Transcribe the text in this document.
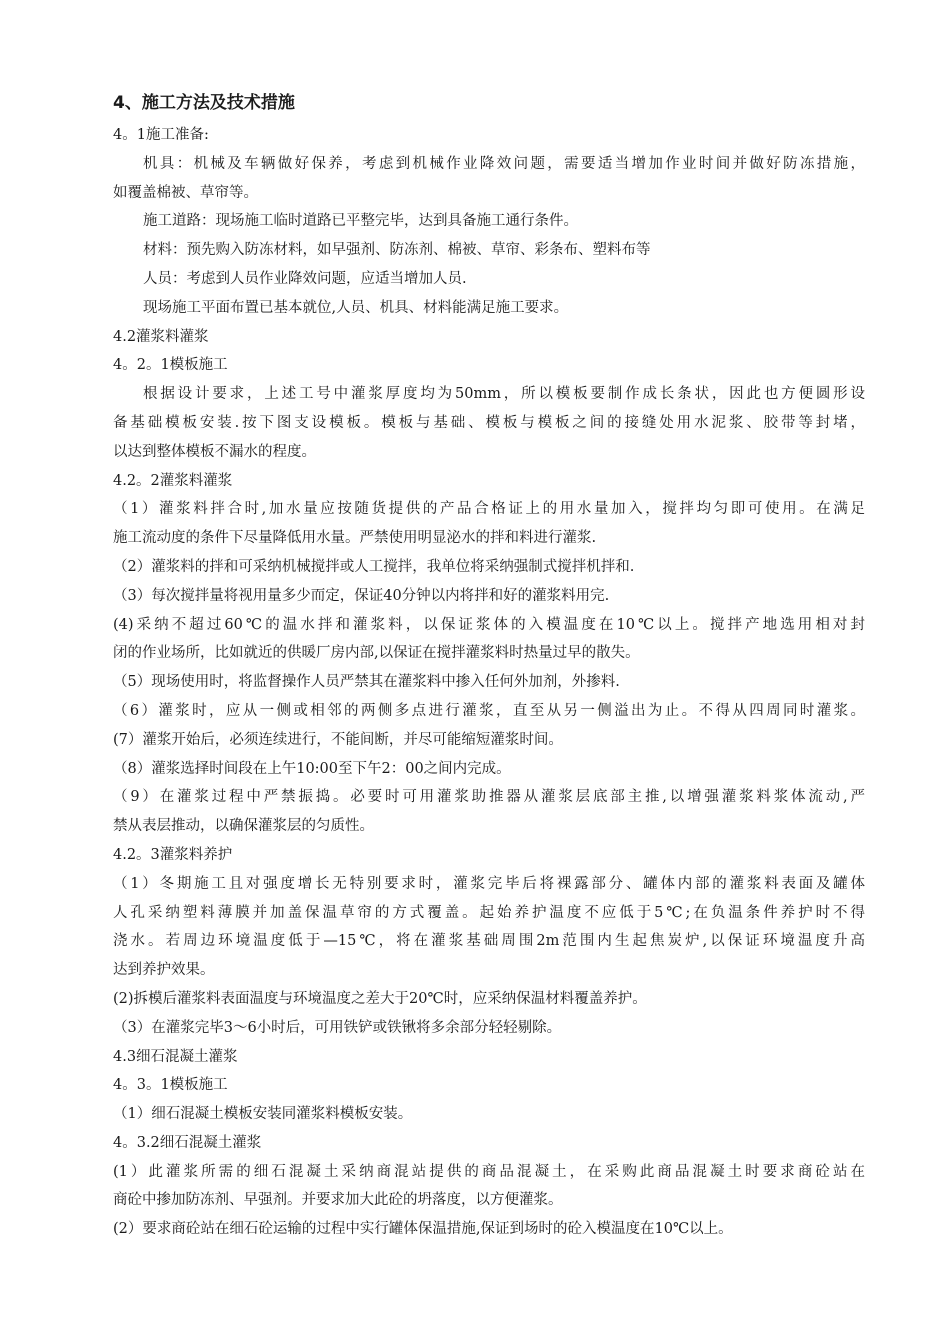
4、施工方法及技术措施

4。1施工准备:

机具：机械及车辆做好保养，考虑到机械作业降效问题，需要适当增加作业时间并做好防冻措施，

如覆盖棉被、草帘等。

施工道路：现场施工临时道路已平整完毕，达到具备施工通行条件。

材料：预先购入防冻材料，如早强剂、防冻剂、棉被、草帘、彩条布、塑料布等

人员：考虑到人员作业降效问题，应适当增加人员.

现场施工平面布置已基本就位,人员、机具、材料能满足施工要求。

4.2灌浆料灌浆

4。2。1模板施工

根据设计要求，上述工号中灌浆厚度均为50mm，所以模板要制作成长条状，因此也方便圆形设

备基础模板安装.按下图支设模板。模板与基础、模板与模板之间的接缝处用水泥浆、胶带等封堵，

以达到整体模板不漏水的程度。

4.2。2灌浆料灌浆

（1）灌浆料拌合时,加水量应按随货提供的产品合格证上的用水量加入，搅拌均匀即可使用。在满足

施工流动度的条件下尽量降低用水量。严禁使用明显泌水的拌和料进行灌浆.

（2）灌浆料的拌和可采纳机械搅拌或人工搅拌，我单位将采纳强制式搅拌机拌和.

（3）每次搅拌量将视用量多少而定，保证40分钟以内将拌和好的灌浆料用完.

(4)采纳不超过60℃的温水拌和灌浆料，以保证浆体的入模温度在10℃以上。搅拌产地选用相对封

闭的作业场所，比如就近的供暖厂房内部,以保证在搅拌灌浆料时热量过早的散失。

（5）现场使用时，将监督操作人员严禁其在灌浆料中掺入任何外加剂，外掺料.

（6）灌浆时，应从一侧或相邻的两侧多点进行灌浆，直至从另一侧溢出为止。不得从四周同时灌浆。

(7）灌浆开始后，必须连续进行，不能间断，并尽可能缩短灌浆时间。

（8）灌浆选择时间段在上午10:00至下午2：00之间内完成。

（9）在灌浆过程中严禁振捣。必要时可用灌浆助推器从灌浆层底部主推,以增强灌浆料浆体流动,严

禁从表层推动，以确保灌浆层的匀质性。

4.2。3灌浆料养护

（1）冬期施工且对强度增长无特别要求时，灌浆完毕后将裸露部分、罐体内部的灌浆料表面及罐体

人孔采纳塑料薄膜并加盖保温草帘的方式覆盖。起始养护温度不应低于5℃;在负温条件养护时不得

浇水。若周边环境温度低于—15℃，将在灌浆基础周围2m范围内生起焦炭炉,以保证环境温度升高

达到养护效果。

(2)拆模后灌浆料表面温度与环境温度之差大于20℃时，应采纳保温材料覆盖养护。

（3）在灌浆完毕3～6小时后，可用铁铲或铁锹将多余部分轻轻剔除。

4.3细石混凝土灌浆

4。3。1模板施工

（1）细石混凝土模板安装同灌浆料模板安装。

4。3.2细石混凝土灌浆

(1）此灌浆所需的细石混凝土采纳商混站提供的商品混凝土，在采购此商品混凝土时要求商砼站在

商砼中掺加防冻剂、早强剂。并要求加大此砼的坍落度，以方便灌浆。

(2）要求商砼站在细石砼运输的过程中实行罐体保温措施,保证到场时的砼入模温度在10℃以上。
